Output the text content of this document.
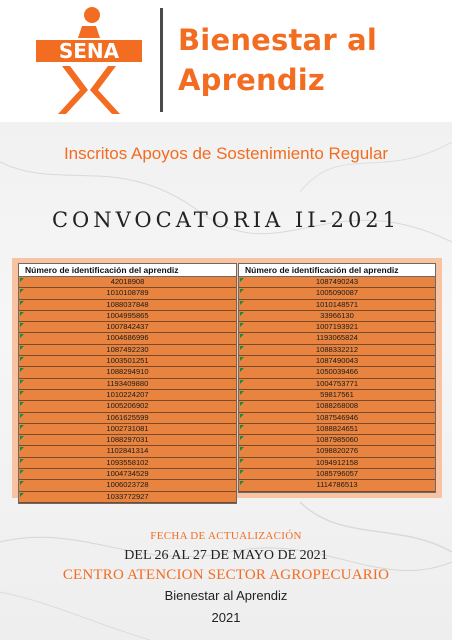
SENA Bienestar al
Aprendiz
Inscritos Apoyos de Sostenimiento Regular
CONVOCATORIA II-2021
Número de identificación del aprendiz
42018908
1010108789
1088037848
1004995865
1007842437
1004686996
1087492230
1003501251
1088294910
1193409880
1010224207
1005206902
1061625599
1002731081
1088297031
1102841314
1093558102
1004734529
1006023728
1033772927
Número de identificación del aprendiz
1087490243
1005090087
1010148571
33966130
1007193921
1193065824
1088332212
1087490043
1050039466
1004753771
59817561
1088268008
1087546946
1088824651
1087985060
1098820276
1094912158
1085796057
1114786513
FECHA DE ACTUALIZACIÓN
DEL 26 AL 27 DE MAYO DE 2021
CENTRO ATENCION SECTOR AGROPECUARIO
Bienestar al Aprendiz
2021
